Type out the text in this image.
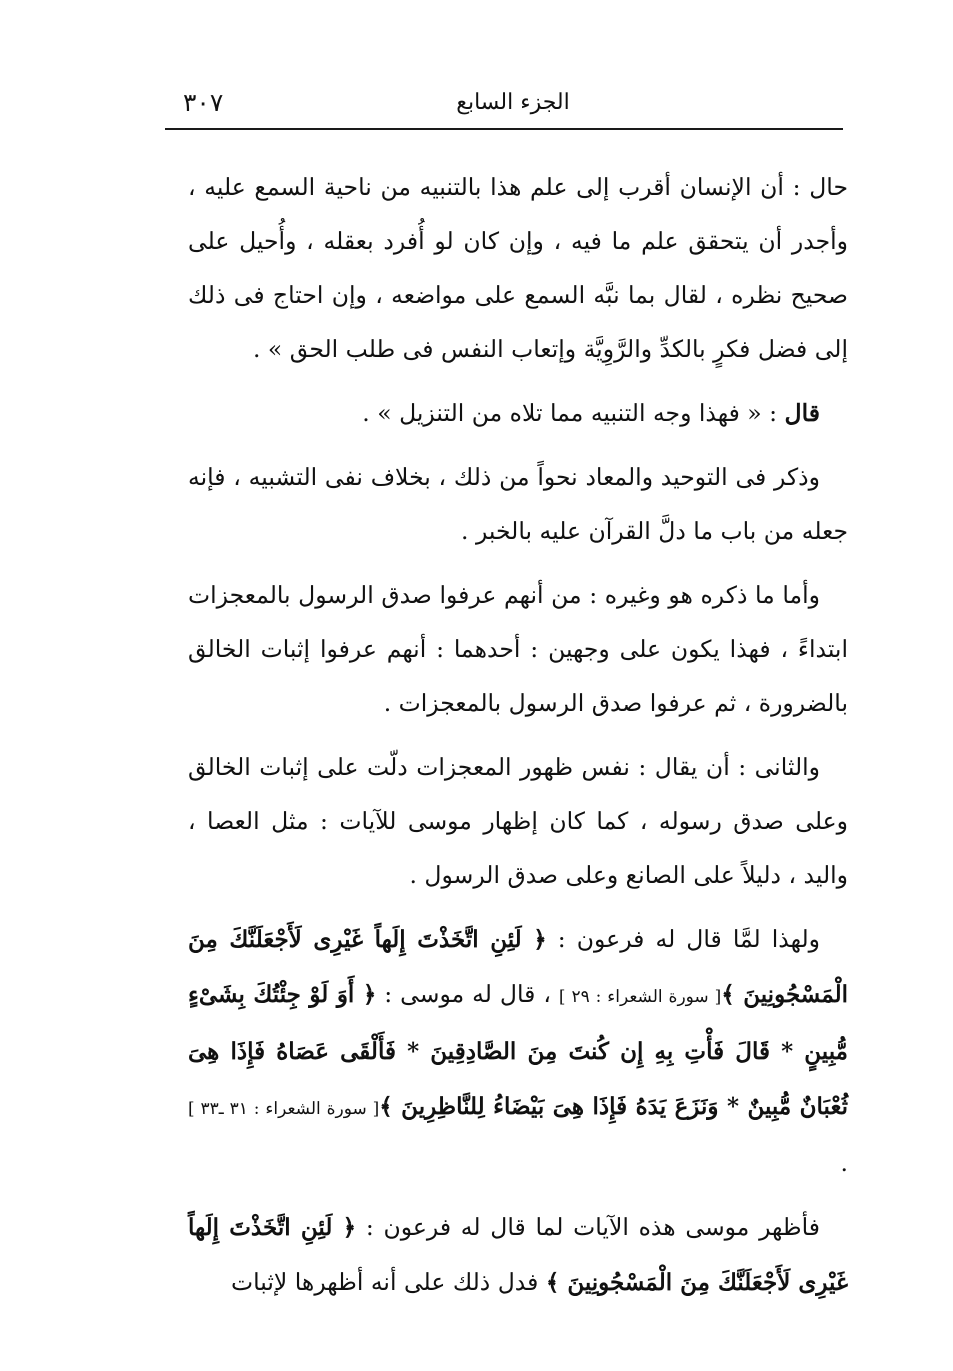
٣٠٧	الجزء السابع

حال : أن الإنسان أقرب إلى علم هذا بالتنبيه من ناحية السمع عليه ، وأجدر أن يتحقق علم ما فيه ، وإن كان لو أُفرد بعقله ، وأُحيل على صحيح نظره ، لقال بما نبَّه السمع على مواضعه ، وإن احتاج فى ذلك إلى فضل فكرٍ بالكدِّ والرَّوِيَّة وإتعاب النفس فى طلب الحق » .

قال : « فهذا وجه التنبيه مما تلاه من التنزيل » .

وذكر فى التوحيد والمعاد نحواً من ذلك ، بخلاف نفى التشبيه ، فإنه جعله من باب ما دلَّ القرآن عليه بالخبر .

وأما ما ذكره هو وغيره : من أنهم عرفوا صدق الرسول بالمعجزات ابتداءً ، فهذا يكون على وجهين : أحدهما : أنهم عرفوا إثبات الخالق بالضرورة ، ثم عرفوا صدق الرسول بالمعجزات .

والثانى : أن يقال : نفس ظهور المعجزات دلّت على إثبات الخالق وعلى صدق رسوله ، كما كان إظهار موسى للآيات : مثل العصا ، واليد ، دليلاً على الصانع وعلى صدق الرسول .

ولهذا لمَّا قال له فرعون : ﴿ لَئِنِ اتَّخَذْتَ إِلَهاً غَيْرِى لَأَجْعَلَنَّكَ مِنَ الْمَسْجُونِينَ ﴾[ سورة الشعراء : ٢٩ ] ، قال له موسى : ﴿ أَوَ لَوْ جِئْتُكَ بِشَىْءٍ مُّبِينٍ * قَالَ فَأْتِ بِهِ إِن كُنتَ مِنَ الصَّادِقِينَ * فَأَلْقَى عَصَاهُ فَإِذَا هِىَ ثُعْبَانٌ مُّبِينٌ * وَنَزَعَ يَدَهُ فَإِذَا هِىَ بَيْضَاءُ لِلنَّاظِرِينَ ﴾[ سورة الشعراء : ٣١ ـ٣٣ ] .

فأظهر موسى هذه الآيات لما قال له فرعون : ﴿ لَئِنِ اتَّخَذْتَ إِلَهاً غَيْرِى لَأَجْعَلَنَّكَ مِنَ الْمَسْجُونِينَ ﴾ فدل ذلك على أنه أظهرها لإثبات
